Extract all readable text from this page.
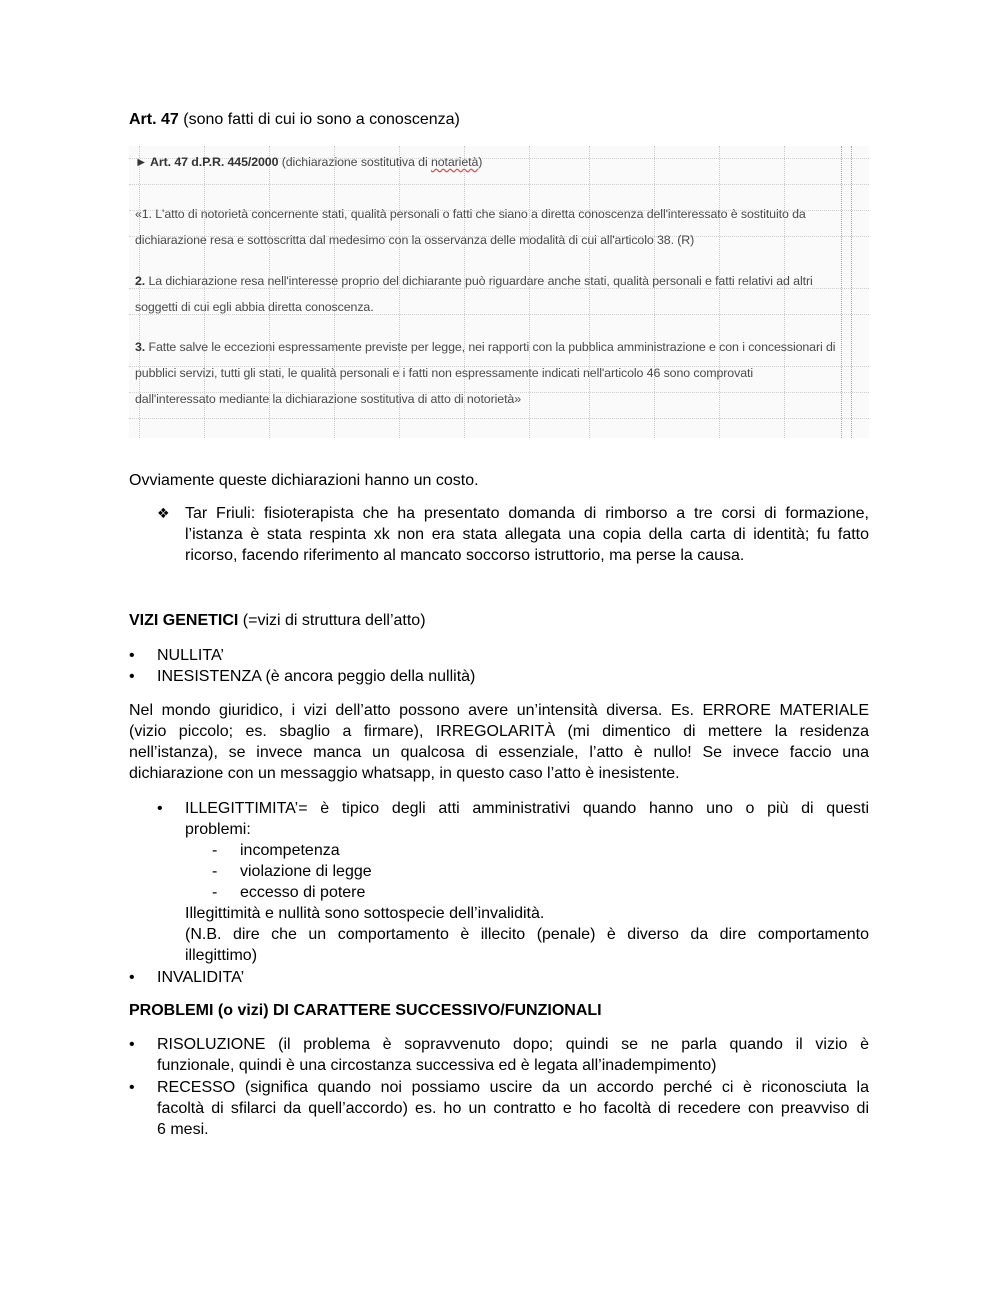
Art. 47 (sono fatti di cui io sono a conoscenza)
► Art. 47 d.P.R. 445/2000 (dichiarazione sostitutiva di notarietà)
«1. L'atto di notorietà concernente stati, qualità personali o fatti che siano a diretta conoscenza dell'interessato è sostituito da
dichiarazione resa e sottoscritta dal medesimo con la osservanza delle modalità di cui all'articolo 38. (R)
2. La dichiarazione resa nell'interesse proprio del dichiarante può riguardare anche stati, qualità personali e fatti relativi ad altri
soggetti di cui egli abbia diretta conoscenza.
3. Fatte salve le eccezioni espressamente previste per legge, nei rapporti con la pubblica amministrazione e con i concessionari di
pubblici servizi, tutti gli stati, le qualità personali e i fatti non espressamente indicati nell'articolo 46 sono comprovati
dall'interessato mediante la dichiarazione sostitutiva di atto di notorietà»
Ovviamente queste dichiarazioni hanno un costo.
❖ Tar Friuli: fisioterapista che ha presentato domanda di rimborso a tre corsi di formazione,
l’istanza è stata respinta xk non era stata allegata una copia della carta di identità; fu fatto
ricorso, facendo riferimento al mancato soccorso istruttorio, ma perse la causa.
VIZI GENETICI (=vizi di struttura dell’atto)
•	NULLITA’
•	INESISTENZA (è ancora peggio della nullità)
Nel mondo giuridico, i vizi dell’atto possono avere un’intensità diversa. Es. ERRORE MATERIALE
(vizio piccolo; es. sbaglio a firmare), IRREGOLARITÀ (mi dimentico di mettere la residenza
nell’istanza), se invece manca un qualcosa di essenziale, l’atto è nullo! Se invece faccio una
dichiarazione con un messaggio whatsapp, in questo caso l’atto è inesistente.
• ILLEGITTIMITA’= è tipico degli atti amministrativi quando hanno uno o più di questi
problemi:
- incompetenza
- violazione di legge
- eccesso di potere
Illegittimità e nullità sono sottospecie dell’invalidità.
(N.B. dire che un comportamento è illecito (penale) è diverso da dire comportamento
illegittimo)
•	INVALIDITA’
PROBLEMI (o vizi) DI CARATTERE SUCCESSIVO/FUNZIONALI
• RISOLUZIONE (il problema è sopravvenuto dopo; quindi se ne parla quando il vizio è
funzionale, quindi è una circostanza successiva ed è legata all’inadempimento)
• RECESSO (significa quando noi possiamo uscire da un accordo perché ci è riconosciuta la
facoltà di sfilarci da quell’accordo) es. ho un contratto e ho facoltà di recedere con preavviso di
6 mesi.
